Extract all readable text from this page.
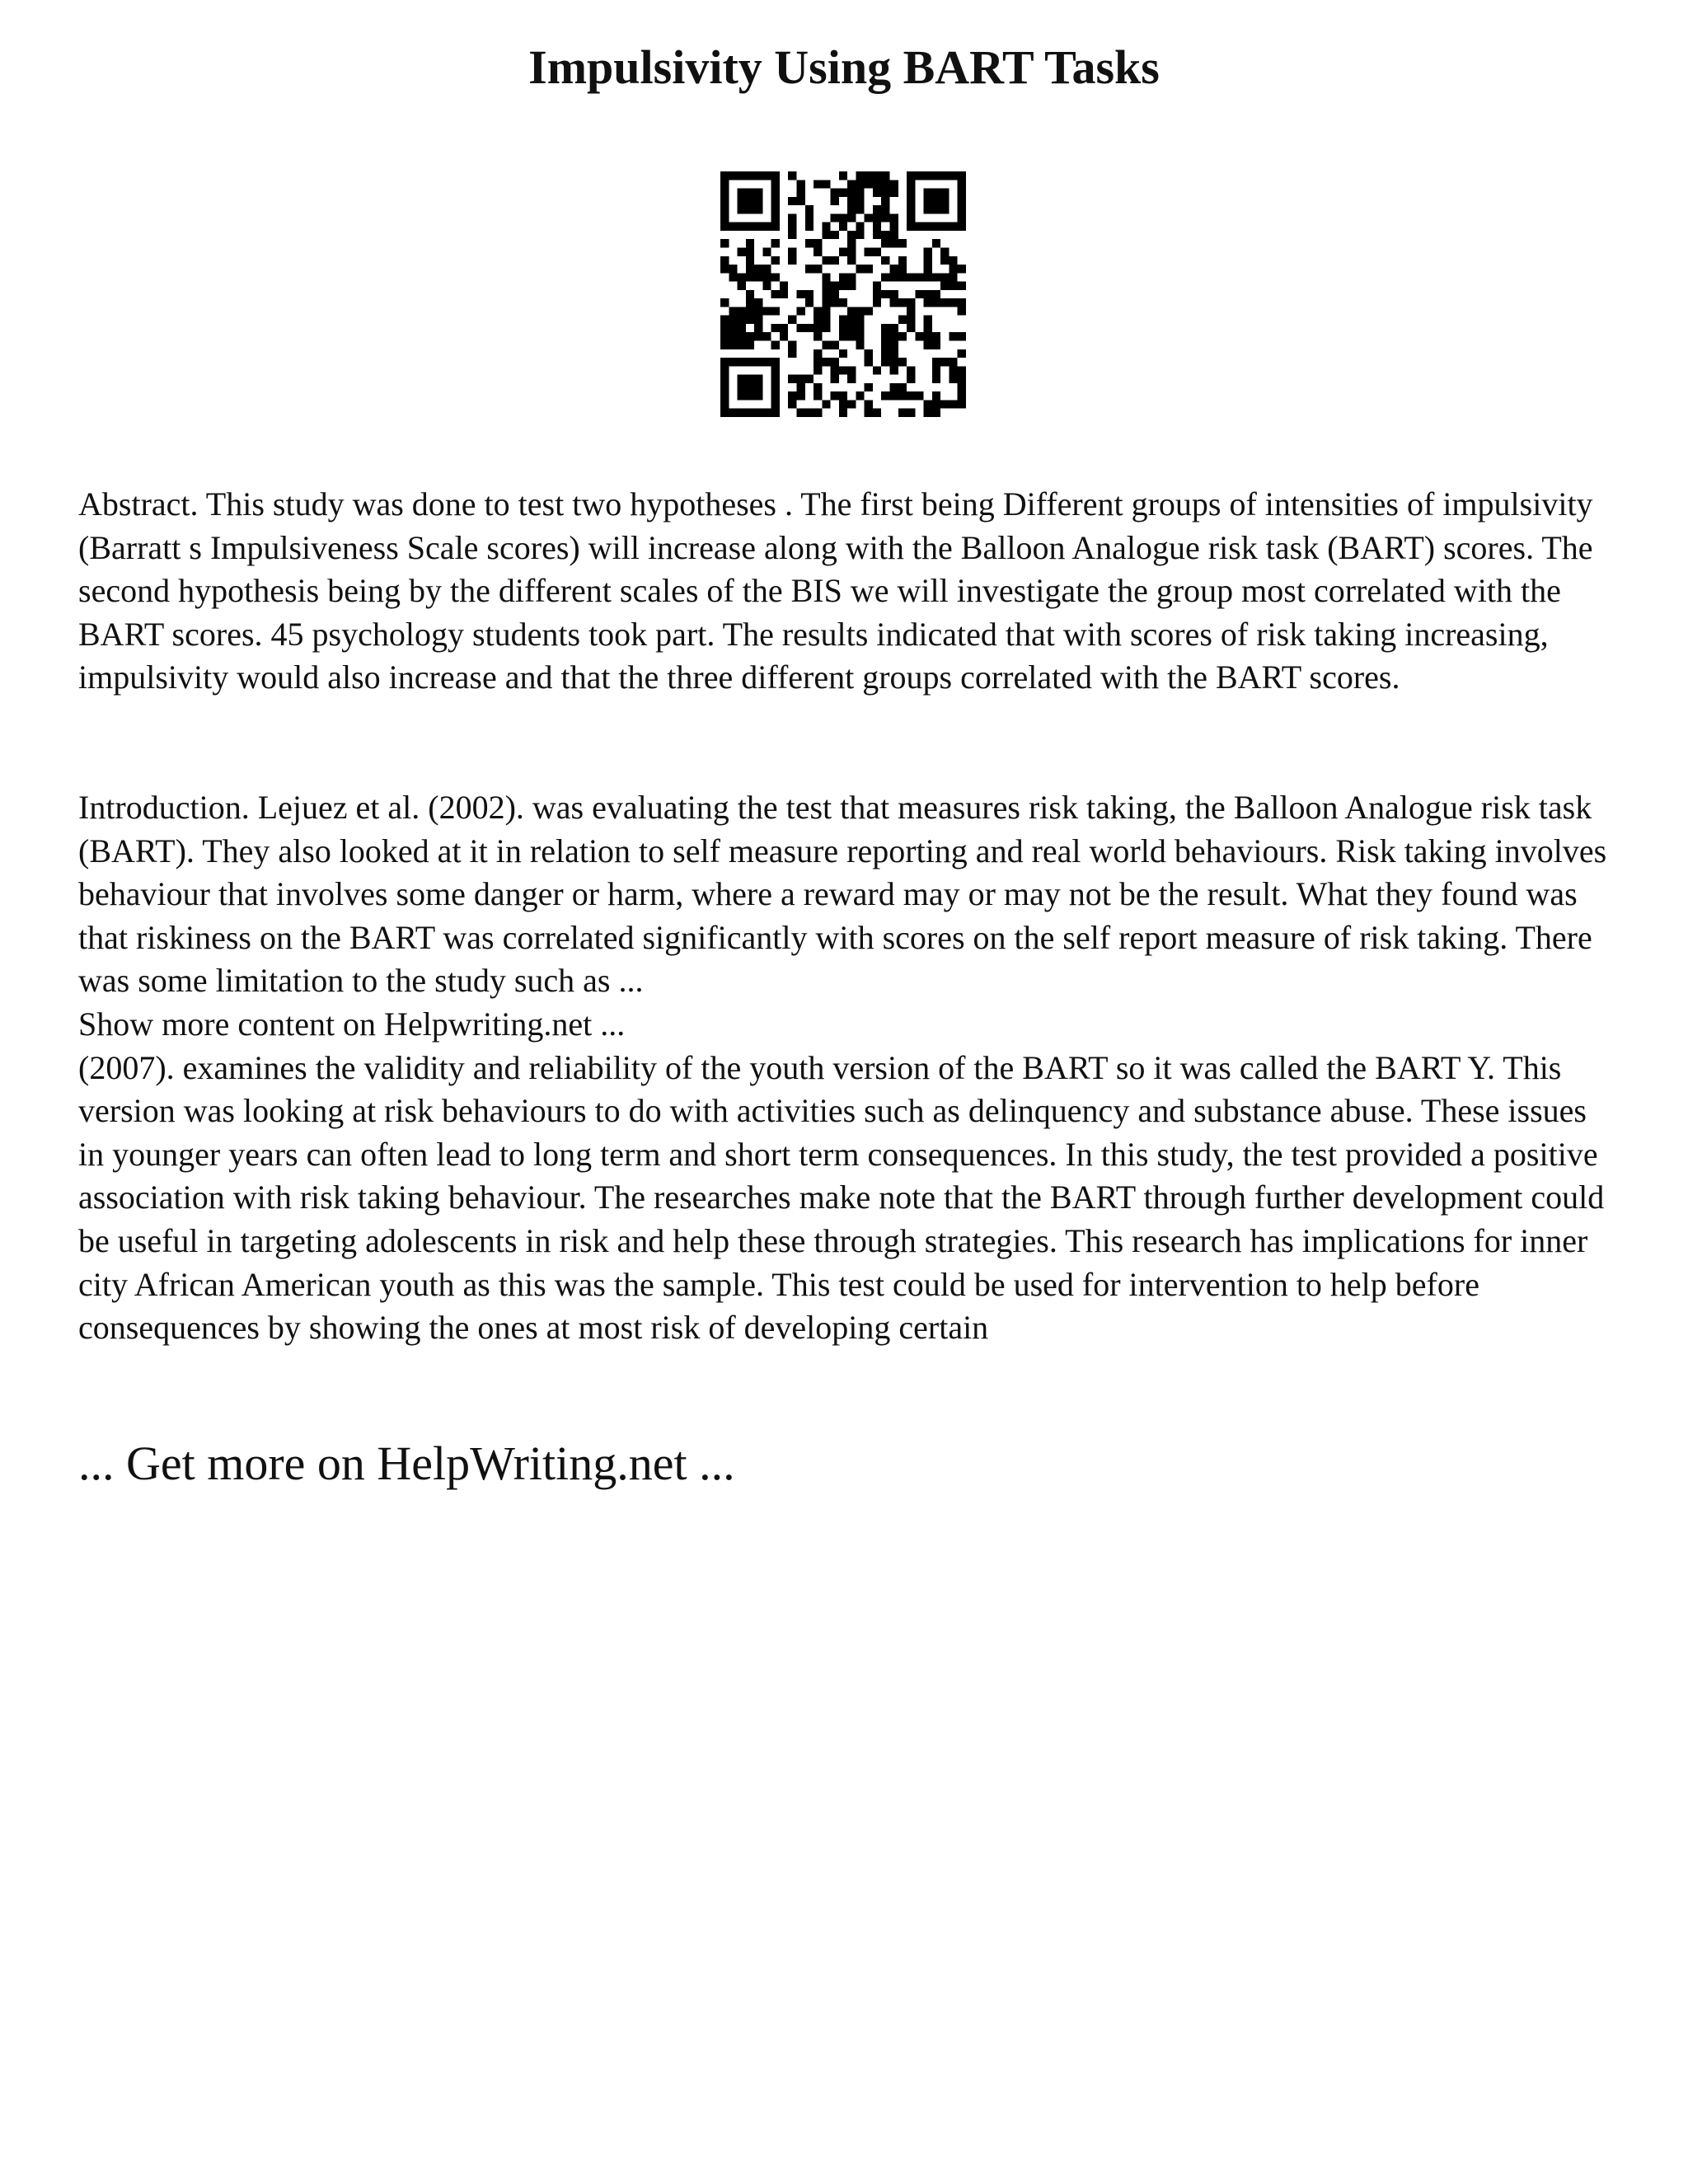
Impulsivity Using BART Tasks

Abstract. This study was done to test two hypotheses . The first being Different groups of intensities of impulsivity (Barratt s Impulsiveness Scale scores) will increase along with the Balloon Analogue risk task (BART) scores. The second hypothesis being by the different scales of the BIS we will investigate the group most correlated with the BART scores. 45 psychology students took part. The results indicated that with scores of risk taking increasing, impulsivity would also increase and that the three different groups correlated with the BART scores.

Introduction. Lejuez et al. (2002). was evaluating the test that measures risk taking, the Balloon Analogue risk task (BART). They also looked at it in relation to self measure reporting and real world behaviours. Risk taking involves behaviour that involves some danger or harm, where a reward may or may not be the result. What they found was that riskiness on the BART was correlated significantly with scores on the self report measure of risk taking. There was some limitation to the study such as ...
Show more content on Helpwriting.net ...
(2007). examines the validity and reliability of the youth version of the BART so it was called the BART Y. This version was looking at risk behaviours to do with activities such as delinquency and substance abuse. These issues in younger years can often lead to long term and short term consequences. In this study, the test provided a positive association with risk taking behaviour. The researches make note that the BART through further development could be useful in targeting adolescents in risk and help these through strategies. This research has implications for inner city African American youth as this was the sample. This test could be used for intervention to help before consequences by showing the ones at most risk of developing certain

... Get more on HelpWriting.net ...
